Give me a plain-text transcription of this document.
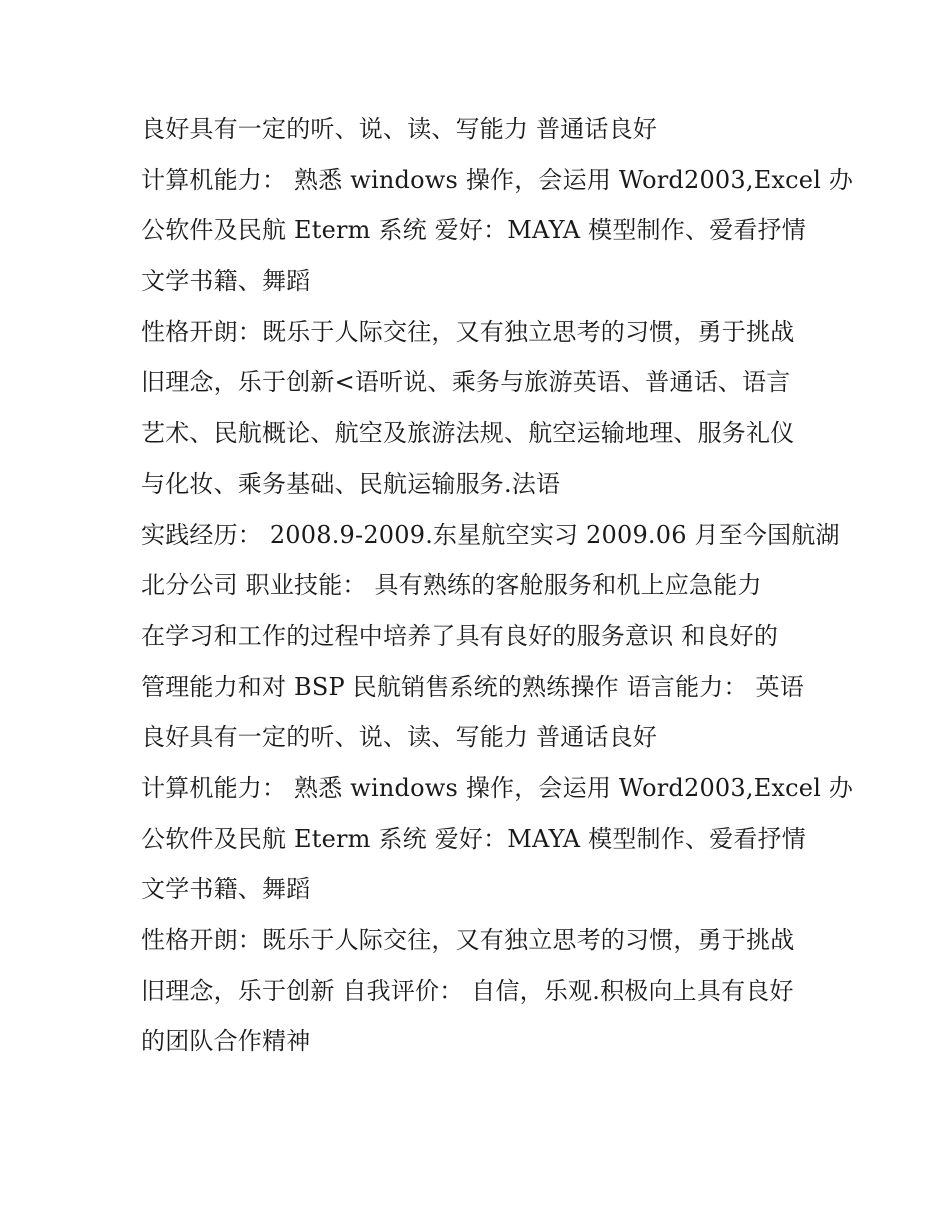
良好具有一定的听、说、读、写能力 普通话良好
计算机能力： 熟悉 windows 操作，会运用 Word2003,Excel 办
公软件及民航 Eterm 系统 爱好：MAYA 模型制作、爱看抒情
文学书籍、舞蹈
性格开朗：既乐于人际交往，又有独立思考的习惯，勇于挑战
旧理念，乐于创新<语听说、乘务与旅游英语、普通话、语言
艺术、民航概论、航空及旅游法规、航空运输地理、服务礼仪
与化妆、乘务基础、民航运输服务.法语
实践经历： 2008.9-2009.东星航空实习 2009.06 月至今国航湖
北分公司 职业技能： 具有熟练的客舱服务和机上应急能力
在学习和工作的过程中培养了具有良好的服务意识 和良好的
管理能力和对 BSP 民航销售系统的熟练操作 语言能力： 英语
良好具有一定的听、说、读、写能力 普通话良好
计算机能力： 熟悉 windows 操作，会运用 Word2003,Excel 办
公软件及民航 Eterm 系统 爱好：MAYA 模型制作、爱看抒情
文学书籍、舞蹈
性格开朗：既乐于人际交往，又有独立思考的习惯，勇于挑战
旧理念，乐于创新 自我评价： 自信，乐观.积极向上具有良好
的团队合作精神
